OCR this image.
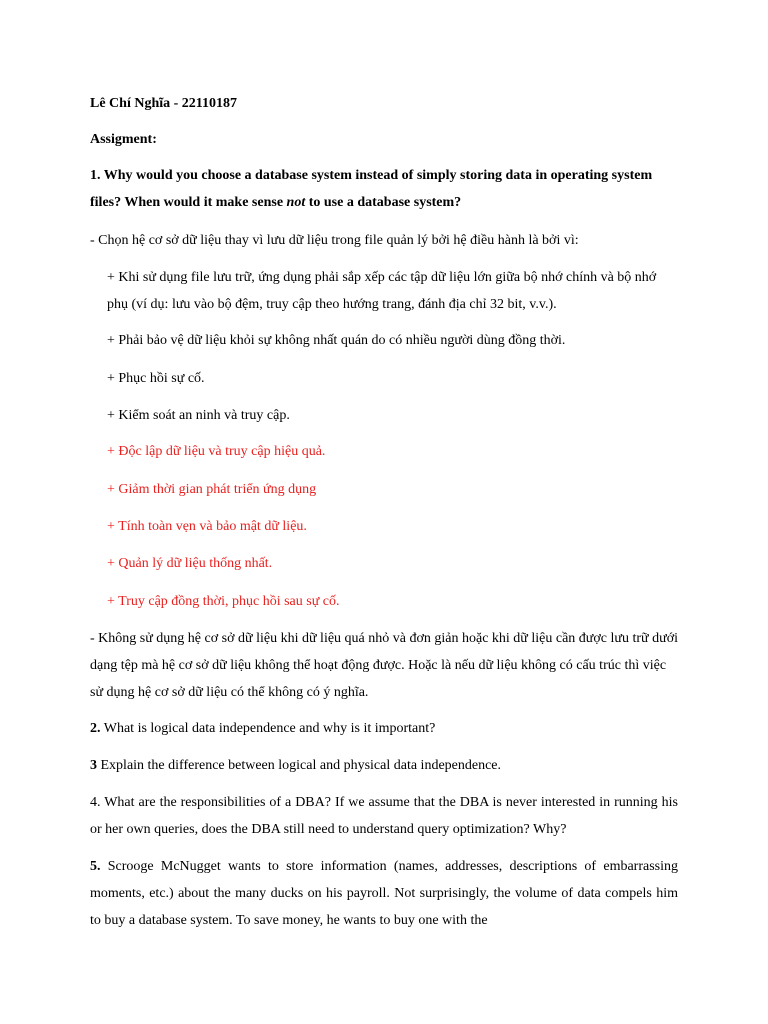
Lê Chí Nghĩa - 22110187

Assigment:

1. Why would you choose a database system instead of simply storing data in operating system files? When would it make sense not to use a database system?

- Chọn hệ cơ sở dữ liệu thay vì lưu dữ liệu trong file quản lý bởi hệ điều hành là bởi vì:

+ Khi sử dụng file lưu trữ, ứng dụng phải sắp xếp các tập dữ liệu lớn giữa bộ nhớ chính và bộ nhớ phụ (ví dụ: lưu vào bộ đệm, truy cập theo hướng trang, đánh địa chỉ 32 bit, v.v.).

+ Phải bảo vệ dữ liệu khỏi sự không nhất quán do có nhiều người dùng đồng thời.

+ Phục hồi sự cố.

+ Kiểm soát an ninh và truy cập.

+ Độc lập dữ liệu và truy cập hiệu quả.

+ Giảm thời gian phát triển ứng dụng

+ Tính toàn vẹn và bảo mật dữ liệu.

+ Quản lý dữ liệu thống nhất.

+ Truy cập đồng thời, phục hồi sau sự cố.

- Không sử dụng hệ cơ sở dữ liệu khi dữ liệu quá nhỏ và đơn giản hoặc khi dữ liệu cần được lưu trữ dưới dạng tệp mà hệ cơ sở dữ liệu không thể hoạt động được. Hoặc là nếu dữ liệu không có cấu trúc thì việc sử dụng hệ cơ sở dữ liệu có thể không có ý nghĩa.

2. What is logical data independence and why is it important?

3 Explain the difference between logical and physical data independence.

4. What are the responsibilities of a DBA? If we assume that the DBA is never interested in running his or her own queries, does the DBA still need to understand query optimization? Why?

5. Scrooge McNugget wants to store information (names, addresses, descriptions of embarrassing moments, etc.) about the many ducks on his payroll. Not surprisingly, the volume of data compels him to buy a database system. To save money, he wants to buy one with the
